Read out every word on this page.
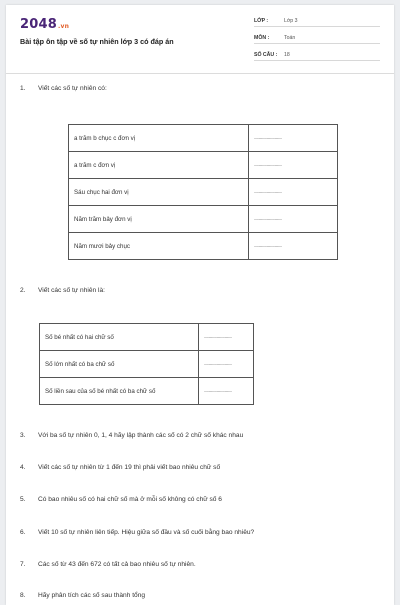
2048.vn
Bài tập ôn tập về số tự nhiên lớp 3 có đáp án
LỚP :	Lớp 3
MÔN :	Toán
SỐ CÂU :	18
1.	Viết các số tự nhiên có:
a trăm b chục c đơn vị	...............................
a trăm c đơn vị	...............................
Sáu chục hai đơn vị	...............................
Năm trăm bảy đơn vị	...............................
Năm mươi bảy chục	...............................
2.	Viết các số tự nhiên là:
Số bé nhất có hai chữ số	...............................
Số lớn nhất có ba chữ số	...............................
Số liền sau của số bé nhất có ba chữ số	...............................
3.	Với ba số tự nhiên 0, 1, 4 hãy lập thành các số có 2 chữ số khác nhau
4.	Viết các số tự nhiên từ 1 đến 19 thì phải viết bao nhiêu chữ số
5.	Có bao nhiêu số có hai chữ số mà ở mỗi số không có chữ số 6
6.	Viết 10 số tự nhiên liên tiếp. Hiệu giữa số đầu và số cuối bằng bao nhiêu?
7.	Các số từ 43 đến 672 có tất cả bao nhiêu số tự nhiên.
8.	Hãy phân tích các số sau thành tổng
